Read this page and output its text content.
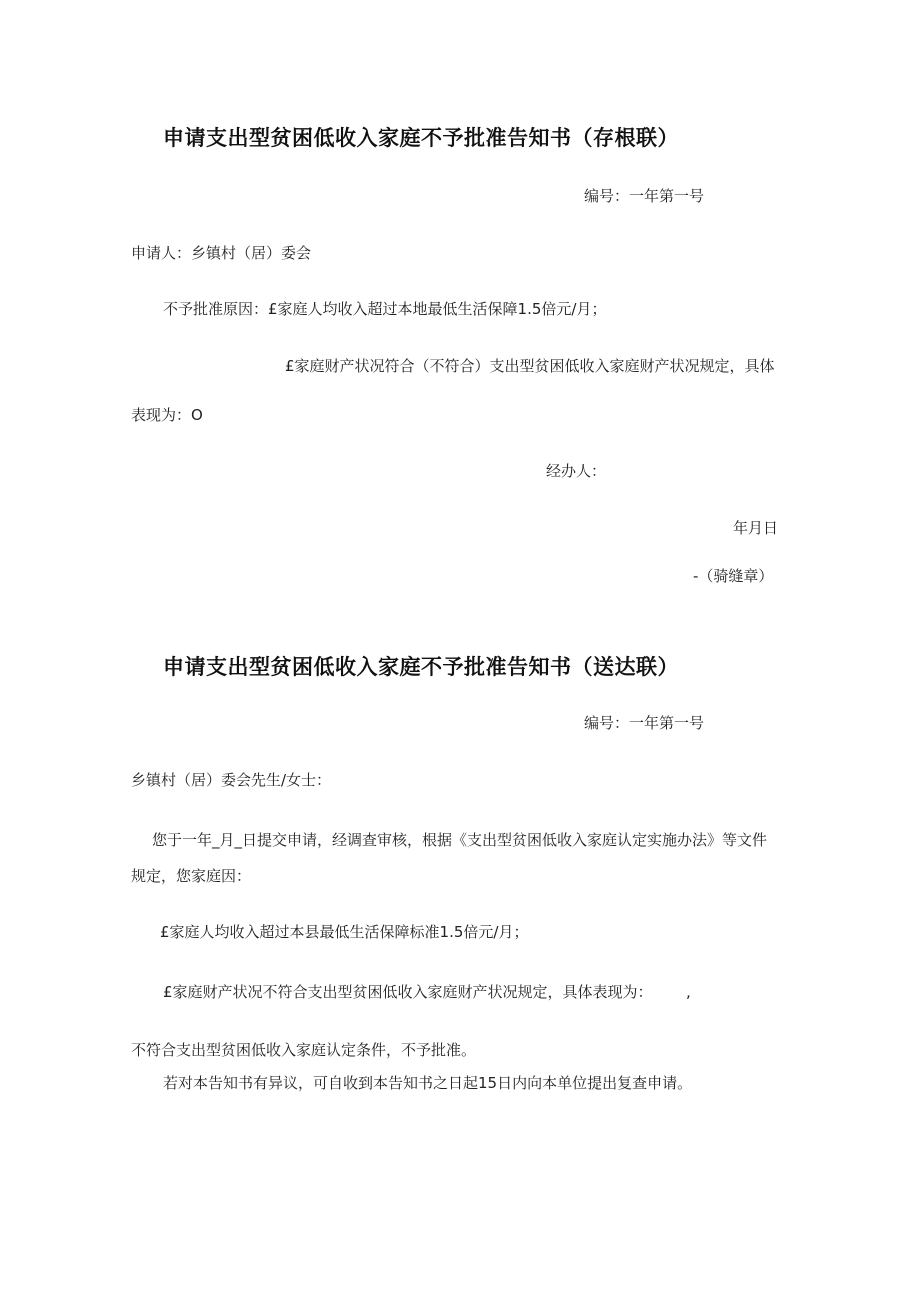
申请支出型贫困低收入家庭不予批准告知书（存根联）
编号：一年第一号
申请人：乡镇村（居）委会
不予批准原因：£家庭人均收入超过本地最低生活保障1.5倍元/月；
£家庭财产状况符合（不符合）支出型贫困低收入家庭财产状况规定，具体
表现为：O
经办人：
年月日
-（骑缝章）
申请支出型贫困低收入家庭不予批准告知书（送达联）
编号：一年第一号
乡镇村（居）委会先生/女士：
您于一年_月_日提交申请，经调查审核，根据《支出型贫困低收入家庭认定实施办法》等文件
规定，您家庭因：
£家庭人均收入超过本县最低生活保障标准1.5倍元/月；
£家庭财产状况不符合支出型贫困低收入家庭财产状况规定，具体表现为： ,
不符合支出型贫困低收入家庭认定条件，不予批准。
若对本告知书有异议，可自收到本告知书之日起15日内向本单位提出复查申请。
